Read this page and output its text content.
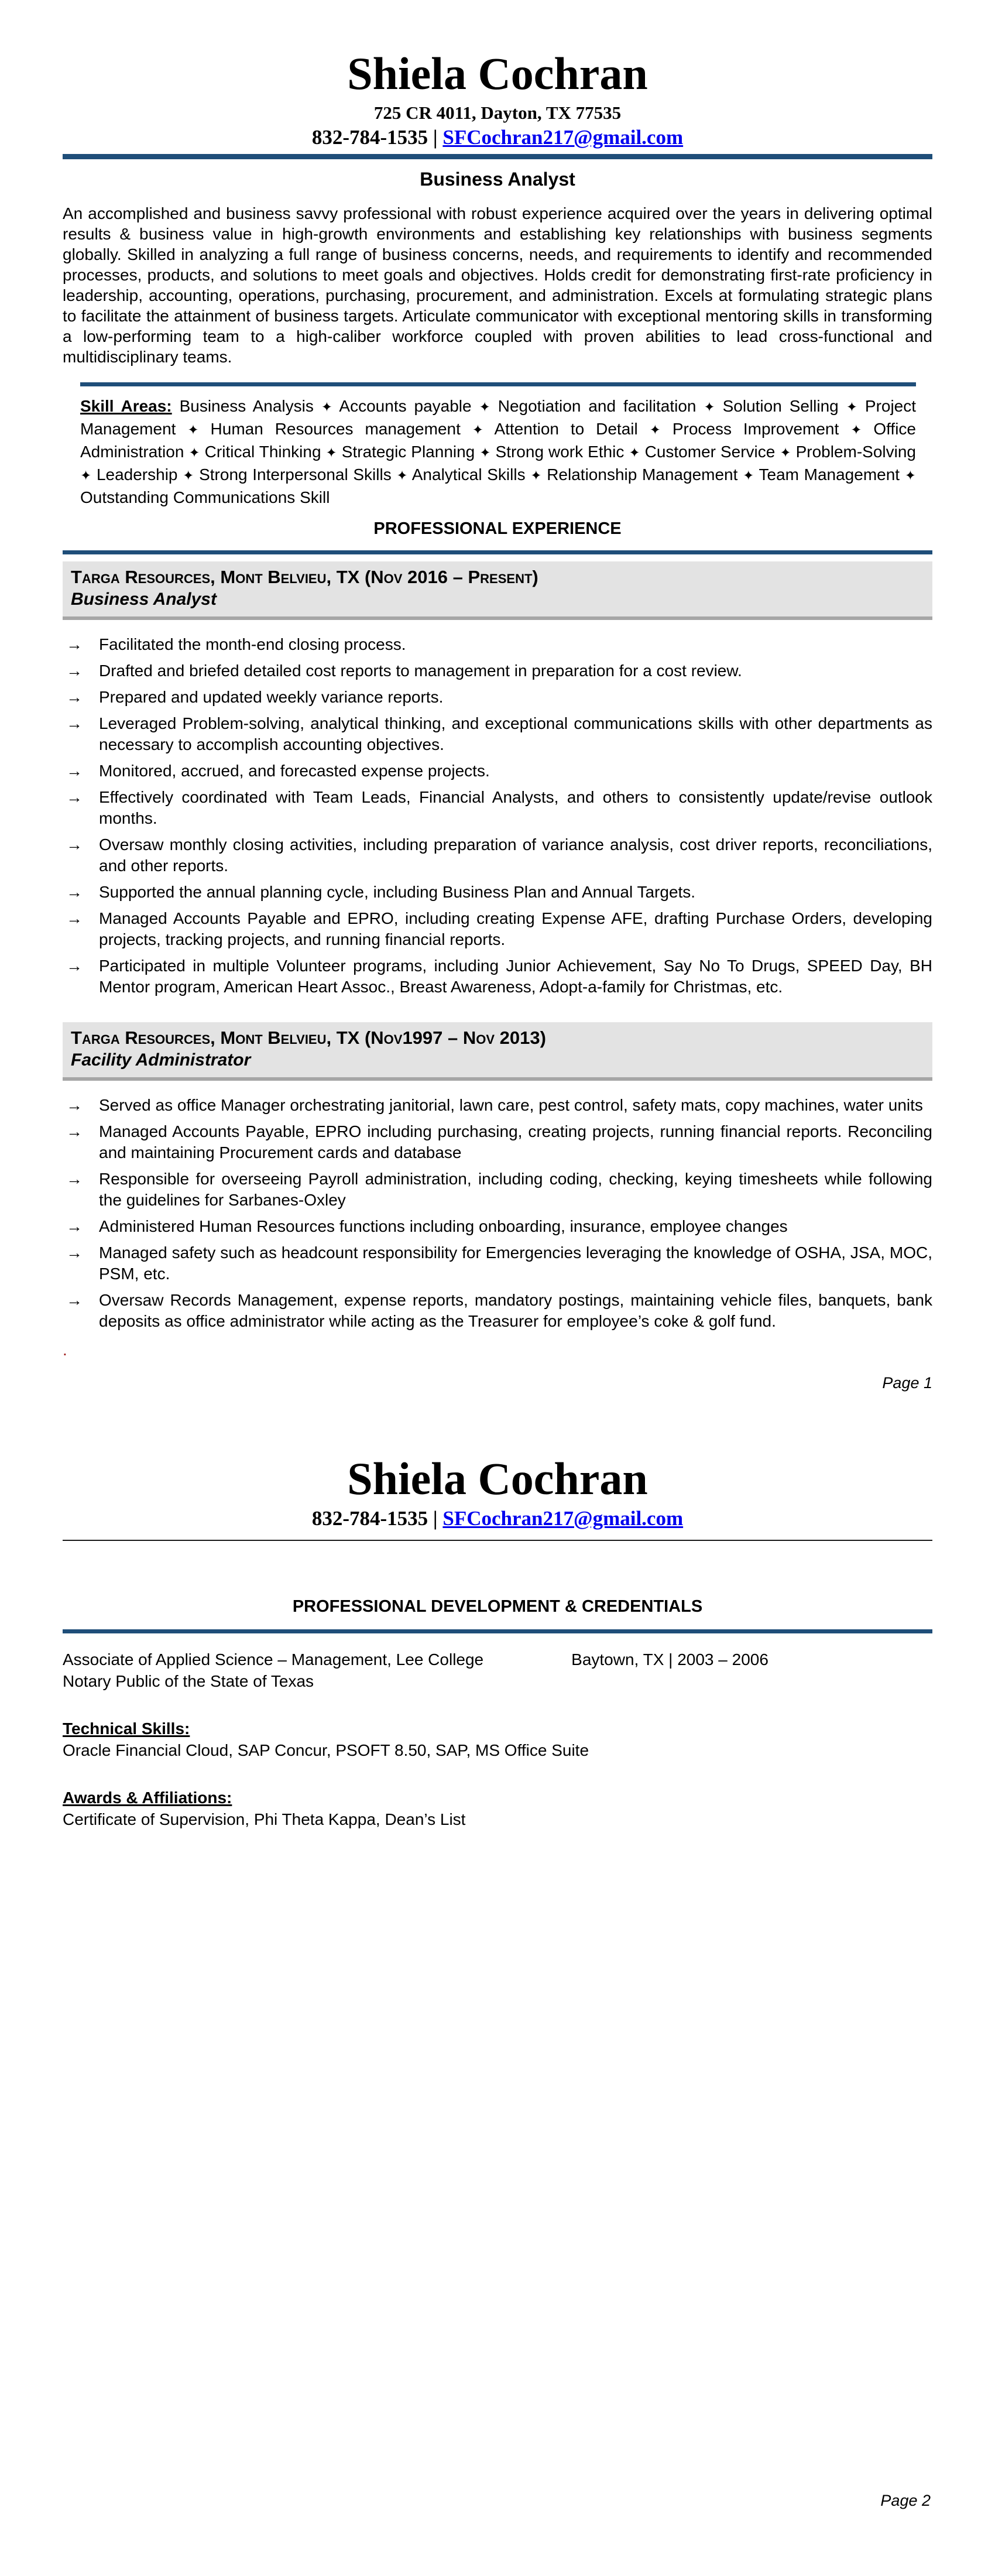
Shiela Cochran
725 CR 4011, Dayton, TX 77535
832-784-1535 | SFCochran217@gmail.com
Business Analyst
An accomplished and business savvy professional with robust experience acquired over the years in delivering optimal results & business value in high-growth environments and establishing key relationships with business segments globally. Skilled in analyzing a full range of business concerns, needs, and requirements to identify and recommended processes, products, and solutions to meet goals and objectives. Holds credit for demonstrating first-rate proficiency in leadership, accounting, operations, purchasing, procurement, and administration. Excels at formulating strategic plans to facilitate the attainment of business targets. Articulate communicator with exceptional mentoring skills in transforming a low-performing team to a high-caliber workforce coupled with proven abilities to lead cross-functional and multidisciplinary teams.
Skill Areas: Business Analysis ✦ Accounts payable ✦ Negotiation and facilitation ✦ Solution Selling ✦ Project Management ✦ Human Resources management ✦ Attention to Detail ✦ Process Improvement ✦ Office Administration ✦ Critical Thinking ✦ Strategic Planning ✦ Strong work Ethic ✦ Customer Service ✦ Problem-Solving ✦ Leadership ✦ Strong Interpersonal Skills ✦ Analytical Skills ✦ Relationship Management ✦ Team Management ✦ Outstanding Communications Skill
PROFESSIONAL EXPERIENCE
Targa Resources, Mont Belvieu, TX (Nov 2016 – Present)
Business Analyst
→ Facilitated the month-end closing process.
→ Drafted and briefed detailed cost reports to management in preparation for a cost review.
→ Prepared and updated weekly variance reports.
→ Leveraged Problem-solving, analytical thinking, and exceptional communications skills with other departments as necessary to accomplish accounting objectives.
→ Monitored, accrued, and forecasted expense projects.
→ Effectively coordinated with Team Leads, Financial Analysts, and others to consistently update/revise outlook months.
→ Oversaw monthly closing activities, including preparation of variance analysis, cost driver reports, reconciliations, and other reports.
→ Supported the annual planning cycle, including Business Plan and Annual Targets.
→ Managed Accounts Payable and EPRO, including creating Expense AFE, drafting Purchase Orders, developing projects, tracking projects, and running financial reports.
→ Participated in multiple Volunteer programs, including Junior Achievement, Say No To Drugs, SPEED Day, BH Mentor program, American Heart Assoc., Breast Awareness, Adopt-a-family for Christmas, etc.
Targa Resources, Mont Belvieu, TX (Nov1997 – Nov 2013)
Facility Administrator
→ Served as office Manager orchestrating janitorial, lawn care, pest control, safety mats, copy machines, water units
→ Managed Accounts Payable, EPRO including purchasing, creating projects, running financial reports. Reconciling and maintaining Procurement cards and database
→ Responsible for overseeing Payroll administration, including coding, checking, keying timesheets while following the guidelines for Sarbanes-Oxley
→ Administered Human Resources functions including onboarding, insurance, employee changes
→ Managed safety such as headcount responsibility for Emergencies leveraging the knowledge of OSHA, JSA, MOC, PSM, etc.
→ Oversaw Records Management, expense reports, mandatory postings, maintaining vehicle files, banquets, bank deposits as office administrator while acting as the Treasurer for employee’s coke & golf fund.
.
Page 1
Shiela Cochran
832-784-1535 | SFCochran217@gmail.com
PROFESSIONAL DEVELOPMENT & CREDENTIALS
Associate of Applied Science – Management, Lee College	Baytown, TX | 2003 – 2006
Notary Public of the State of Texas
Technical Skills:
Oracle Financial Cloud, SAP Concur, PSOFT 8.50, SAP, MS Office Suite
Awards & Affiliations:
Certificate of Supervision, Phi Theta Kappa, Dean’s List
Page 2
